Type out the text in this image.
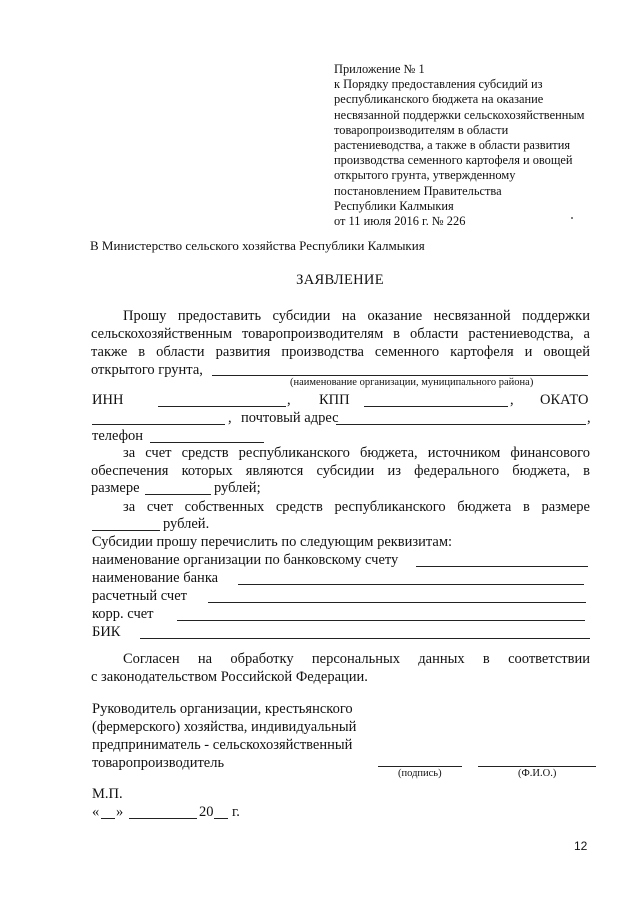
Приложение № 1
к Порядку предоставления субсидий из
республиканского бюджета на оказание
несвязанной поддержки сельскохозяйственным
товаропроизводителям в области
растениеводства, а также в области развития
производства семенного картофеля и овощей
открытого грунта, утвержденному
постановлением Правительства
Республики Калмыкия
от 11 июля 2016 г. № 226
В Министерство сельского хозяйства Республики Калмыкия
ЗАЯВЛЕНИЕ
Прошу предоставить субсидии на оказание несвязанной поддержки
сельскохозяйственным товаропроизводителям в области растениеводства, а
также в области развития производства семенного картофеля и овощей
открытого грунта,
(наименование организации, муниципального района)
ИНН	, КПП	, ОКАТО
, почтовый адрес	,
телефон
за счет средств республиканского бюджета, источником финансового
обеспечения которых являются субсидии из федерального бюджета, в
размере	рублей;
за счет собственных средств республиканского бюджета в размере
рублей.
Субсидии прошу перечислить по следующим реквизитам:
наименование организации по банковскому счету
наименование банка
расчетный счет
корр. счет
БИК
Согласен на обработку персональных данных в соответствии
с законодательством Российской Федерации.
Руководитель организации, крестьянского
(фермерского) хозяйства, индивидуальный
предприниматель - сельскохозяйственный
товаропроизводитель
(подпись)	(Ф.И.О.)
М.П.
« »	20 г.
12
